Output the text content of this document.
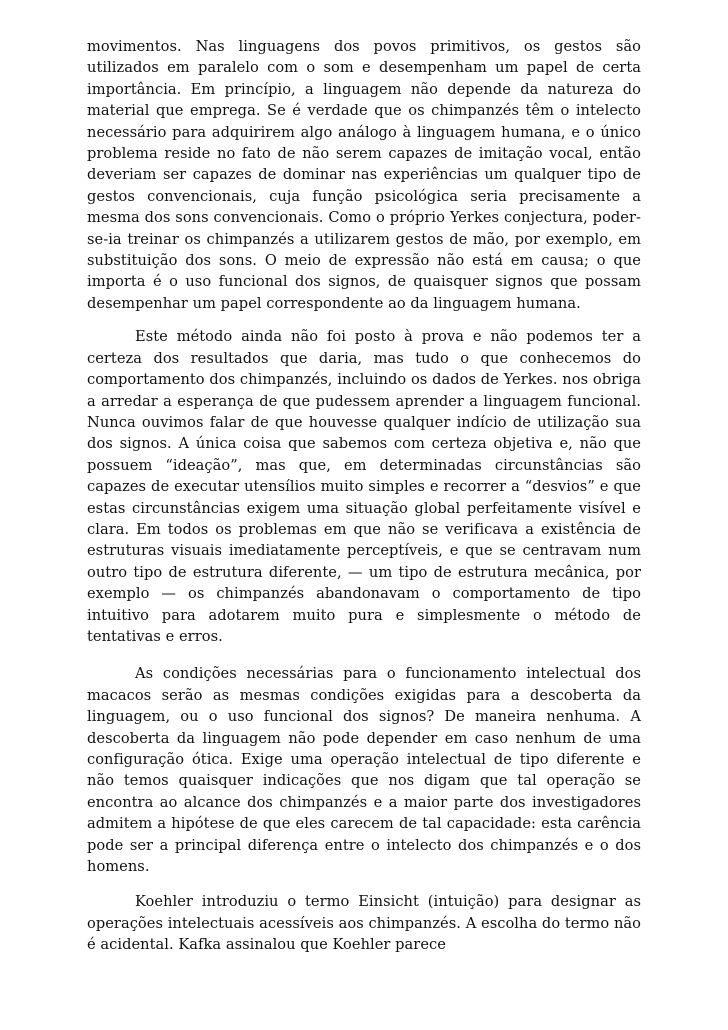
movimentos. Nas linguagens dos povos primitivos, os gestos são utilizados em paralelo com o som e desempenham um papel de certa importância. Em princípio, a linguagem não depende da natureza do material que emprega. Se é verdade que os chimpanzés têm o intelecto necessário para adquirirem algo análogo à linguagem humana, e o único problema reside no fato de não serem capazes de imitação vocal, então deveriam ser capazes de dominar nas experiências um qualquer tipo de gestos convencionais, cuja função psicológica seria precisamente a mesma dos sons convencionais. Como o próprio Yerkes conjectura, poder-se-ia treinar os chimpanzés a utilizarem gestos de mão, por exemplo, em substituição dos sons. O meio de expressão não está em causa; o que importa é o uso funcional dos signos, de quaisquer signos que possam desempenhar um papel correspondente ao da linguagem humana.

Este método ainda não foi posto à prova e não podemos ter a certeza dos resultados que daria, mas tudo o que conhecemos do comportamento dos chimpanzés, incluindo os dados de Yerkes. nos obriga a arredar a esperança de que pudessem aprender a linguagem funcional. Nunca ouvimos falar de que houvesse qualquer indício de utilização sua dos signos. A única coisa que sabemos com certeza objetiva e, não que possuem “ideação”, mas que, em determinadas circunstâncias são capazes de executar utensílios muito simples e recorrer a “desvios” e que estas circunstâncias exigem uma situação global perfeitamente visível e clara. Em todos os problemas em que não se verificava a existência de estruturas visuais imediatamente perceptíveis, e que se centravam num outro tipo de estrutura diferente, — um tipo de estrutura mecânica, por exemplo — os chimpanzés abandonavam o comportamento de tipo intuitivo para adotarem muito pura e simplesmente o método de tentativas e erros.

As condições necessárias para o funcionamento intelectual dos macacos serão as mesmas condições exigidas para a descoberta da linguagem, ou o uso funcional dos signos? De maneira nenhuma. A descoberta da linguagem não pode depender em caso nenhum de uma configuração ótica. Exige uma operação intelectual de tipo diferente e não temos quaisquer indicações que nos digam que tal operação se encontra ao alcance dos chimpanzés e a maior parte dos investigadores admitem a hipótese de que eles carecem de tal capacidade: esta carência pode ser a principal diferença entre o intelecto dos chimpanzés e o dos homens.

Koehler introduziu o termo Einsicht (intuição) para designar as operações intelectuais acessíveis aos chimpanzés. A escolha do termo não é acidental. Kafka assinalou que Koehler parece
